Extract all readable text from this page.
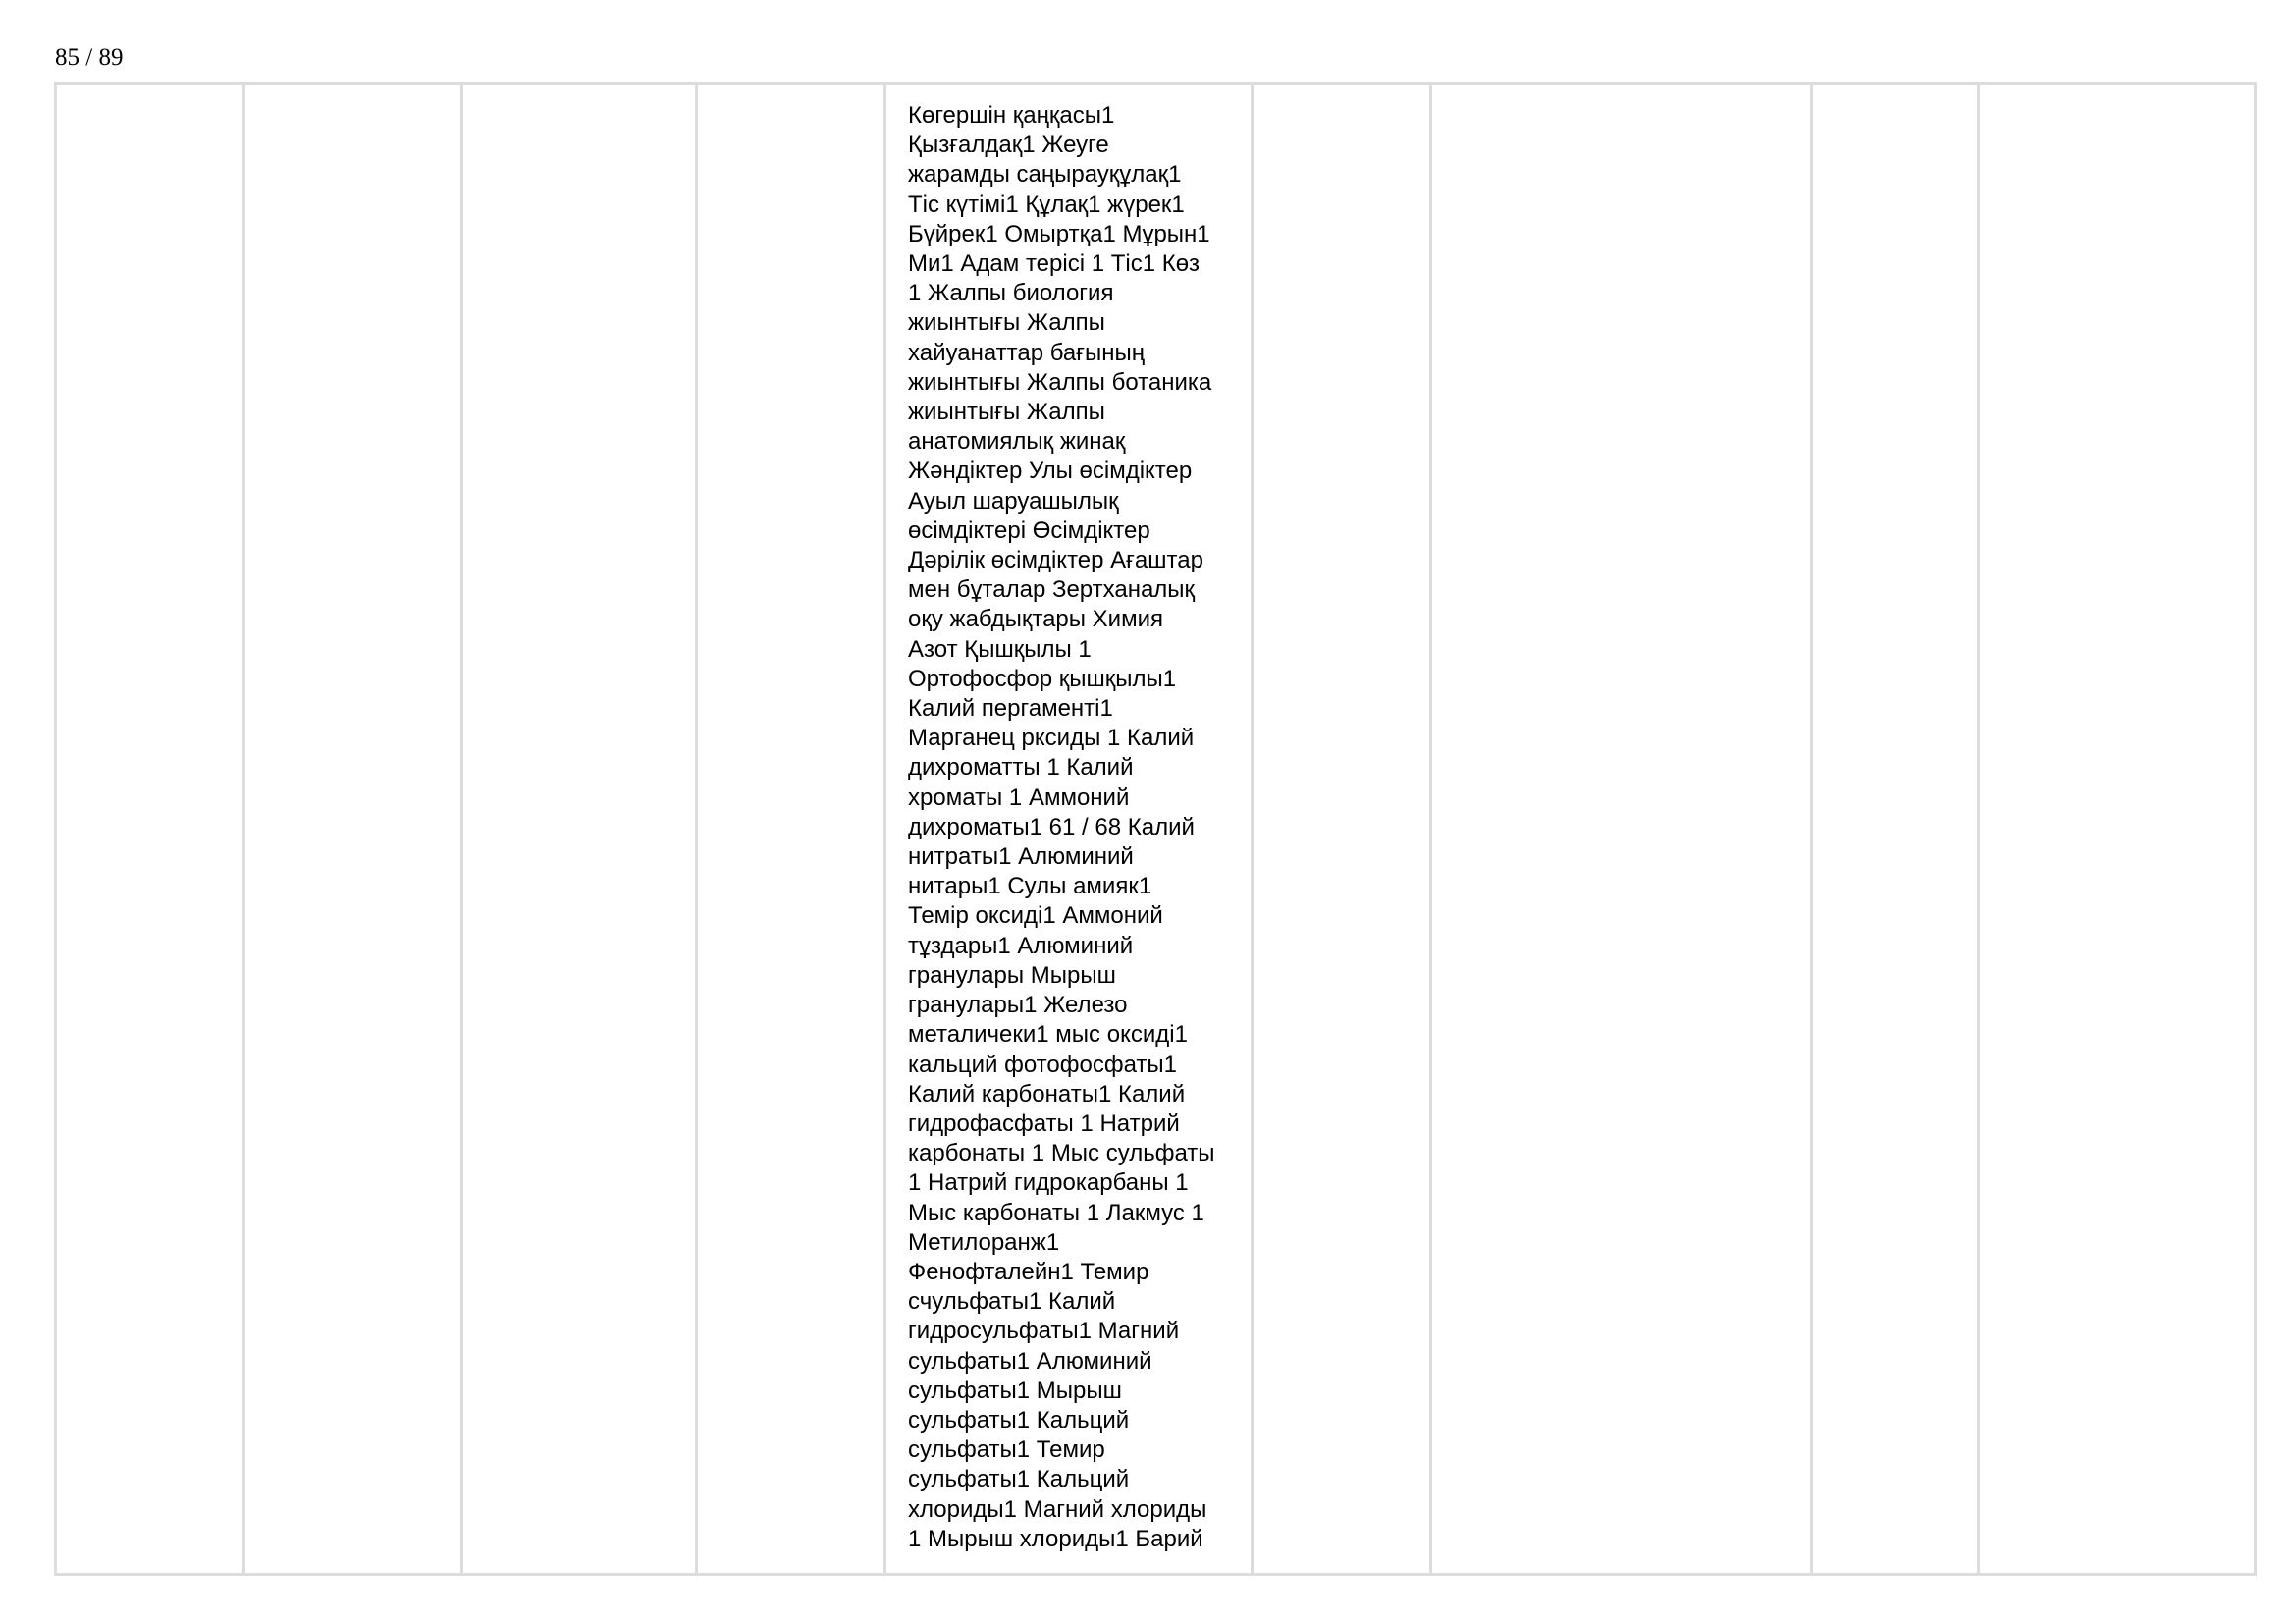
85 / 89

Көгершін қаңқасы1
Қызғалдақ1 Жеуге
жарамды саңырауқұлақ1
Тіс күтімі1 Құлақ1 жүрек1
Бүйрек1 Омыртқа1 Мұрын1
Ми1 Адам терісі 1 Тіс1 Көз
1 Жалпы биология
жиынтығы Жалпы
хайуанаттар бағының
жиынтығы Жалпы ботаника
жиынтығы Жалпы
анатомиялық жинақ
Жәндіктер Улы өсімдіктер
Ауыл шаруашылық
өсімдіктері Өсімдіктер
Дәрілік өсімдіктер Ағаштар
мен бұталар Зертханалық
оқу жабдықтары Химия
Азот Қышқылы 1
Ортофосфор қышқылы1
Калий пергаменті1
Марганец рксиды 1 Калий
дихроматты 1 Калий
хроматы 1 Аммоний
дихроматы1 61 / 68 Калий
нитраты1 Алюминий
нитары1 Сулы амияк1
Темір оксиді1 Аммоний
тұздары1 Алюминий
гранулары Мырыш
гранулары1 Железо
металичеки1 мыс оксиді1
кальций фотофосфаты1
Калий карбонаты1 Калий
гидрофасфаты 1 Натрий
карбонаты 1 Мыс сульфаты
1 Натрий гидрокарбаны 1
Мыс карбонаты 1 Лакмус 1
Метилоранж1
Фенофталейн1 Темир
счульфаты1 Калий
гидросульфаты1 Магний
сульфаты1 Алюминий
сульфаты1 Мырыш
сульфаты1 Кальций
сульфаты1 Темир
сульфаты1 Кальций
хлориды1 Магний хлориды
1 Мырыш хлориды1 Барий
